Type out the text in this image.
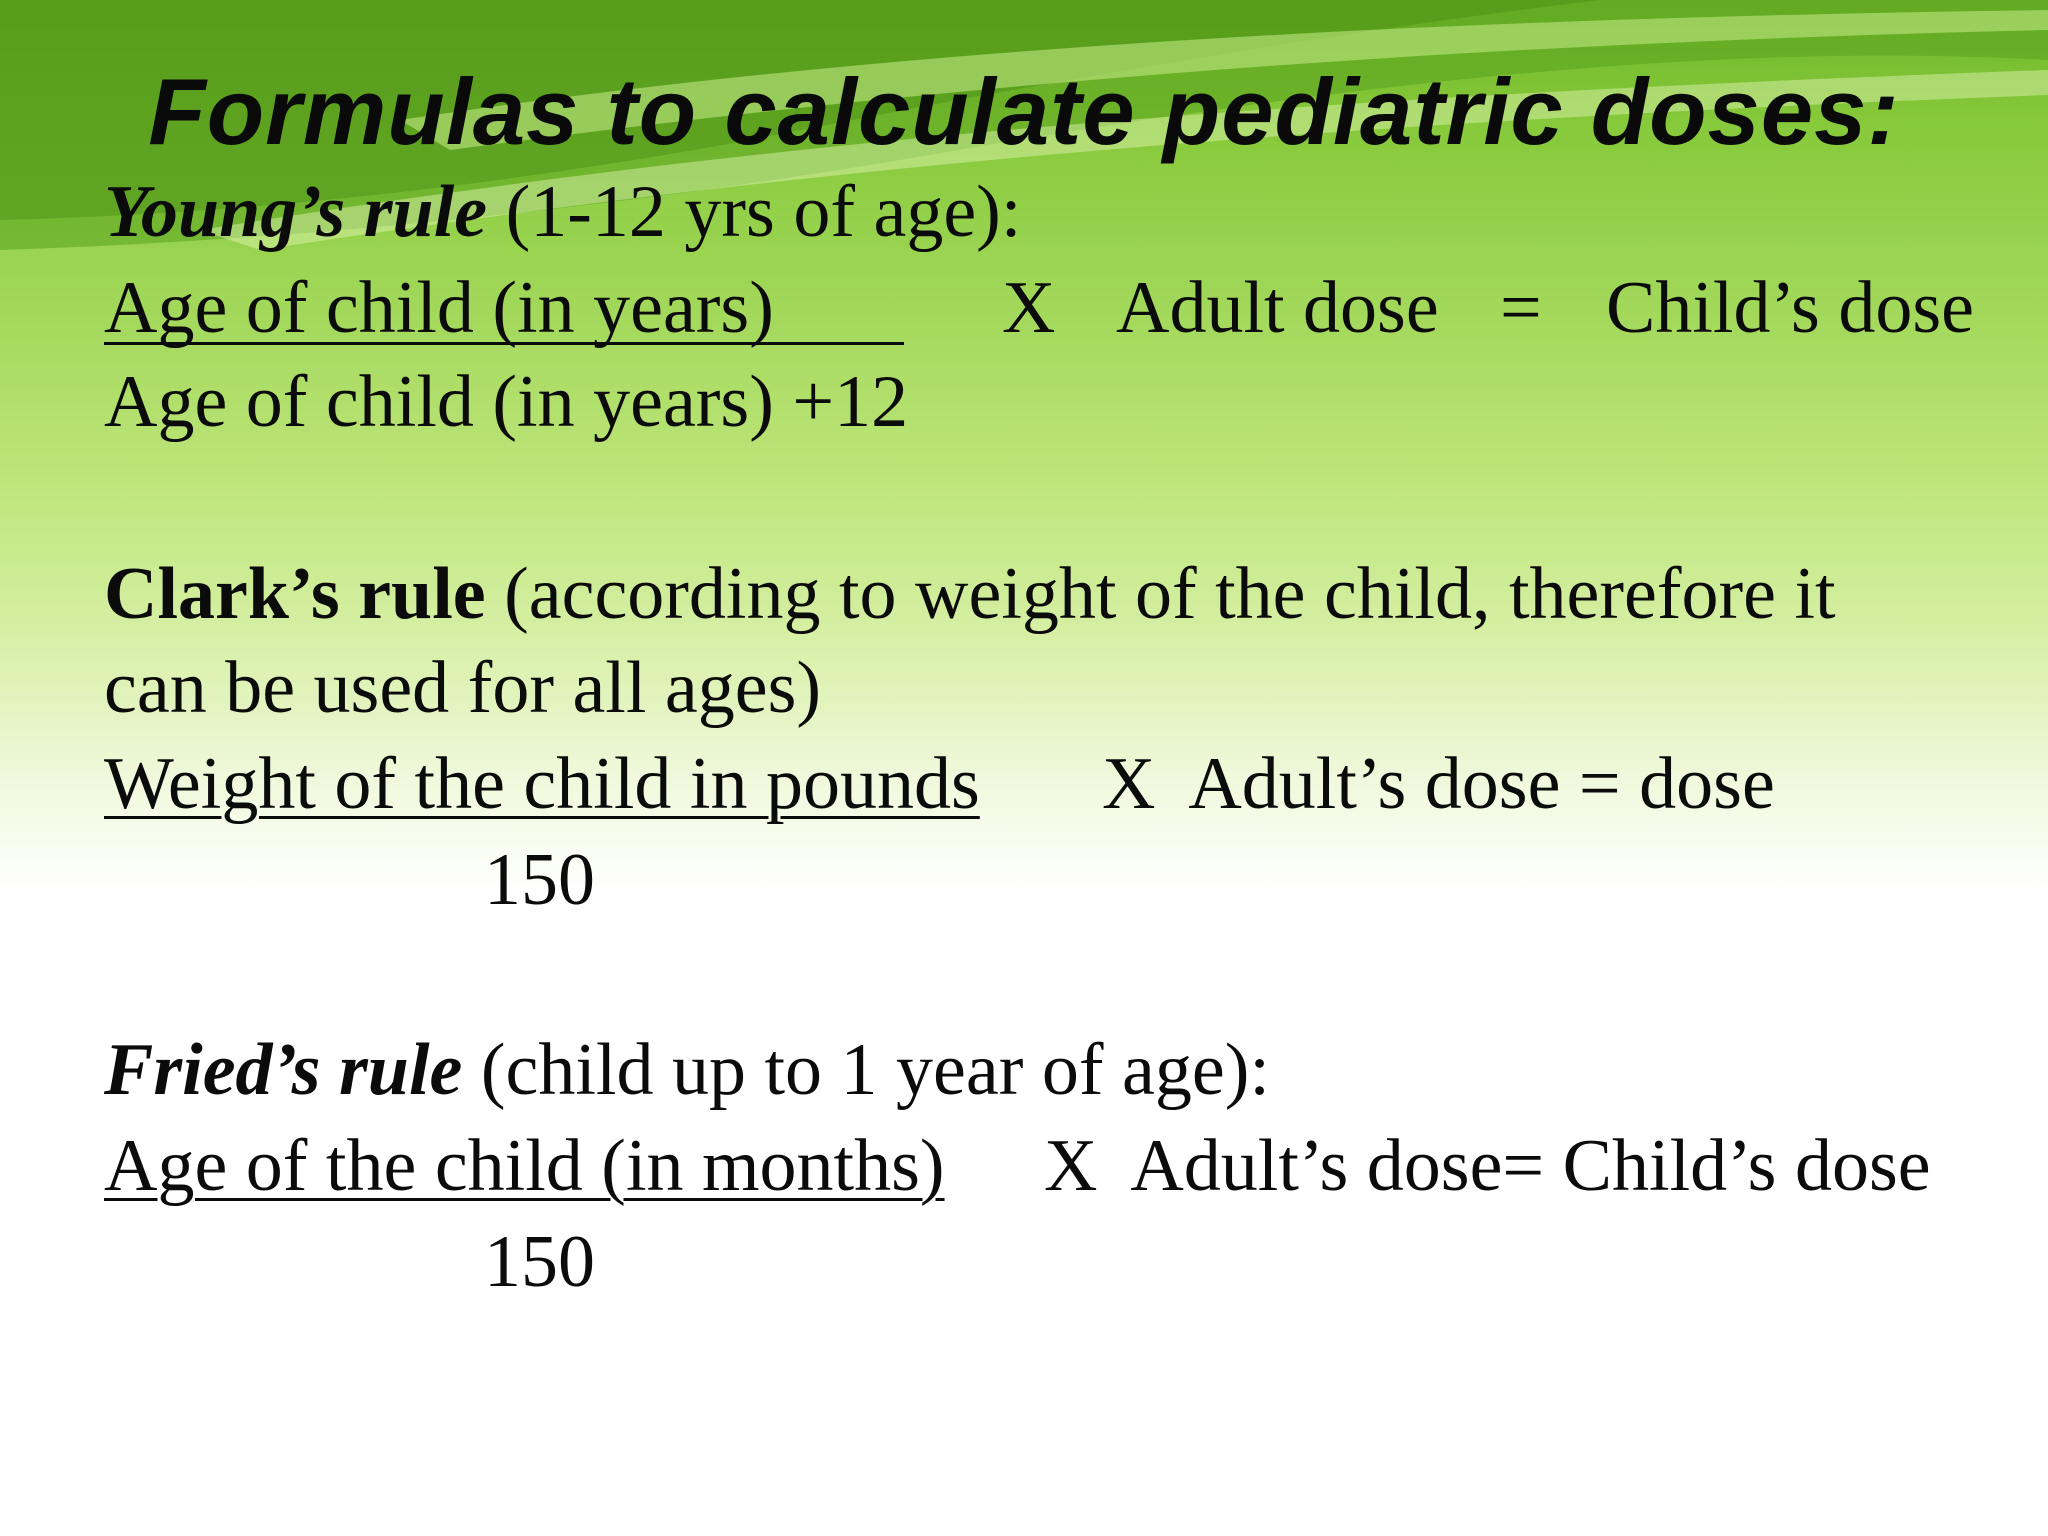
Formulas to calculate pediatric doses:
Young’s rule (1-12 yrs of age):
Age of child (in years)	X Adult dose = Child’s dose
Age of child (in years) +12
Clark’s rule (according to weight of the child, therefore it
can be used for all ages)
Weight of the child in pounds X  Adult’s dose = dose
150
Fried’s rule (child up to 1 year of age):
Age of the child (in months) X  Adult’s dose= Child’s dose
150
